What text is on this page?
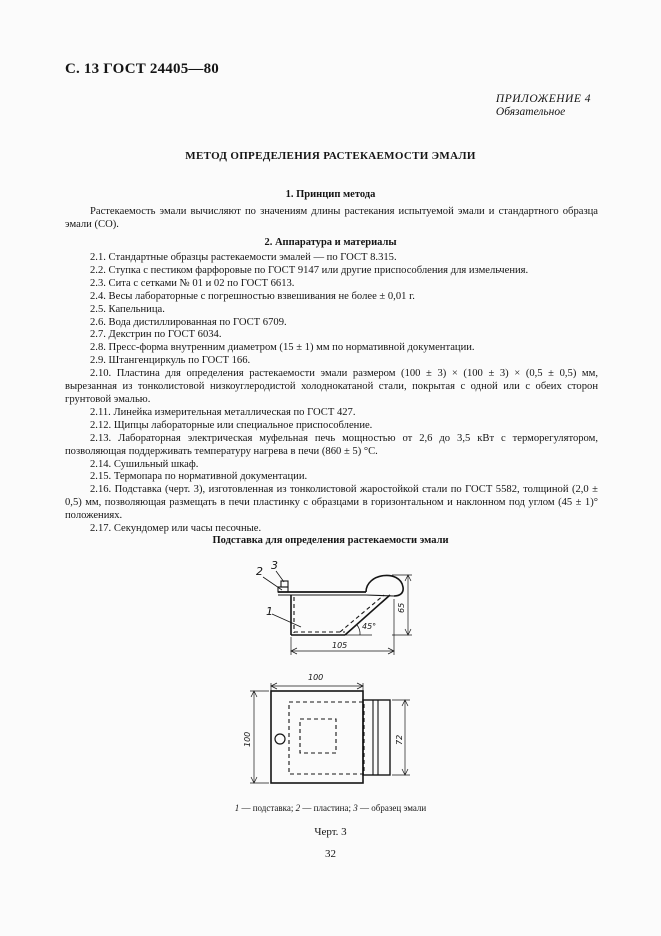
С. 13 ГОСТ 24405—80
ПРИЛОЖЕНИЕ 4
Обязательное
МЕТОД ОПРЕДЕЛЕНИЯ РАСТЕКАЕМОСТИ ЭМАЛИ
1. Принцип метода

Растекаемость эмали вычисляют по значениям длины растекания испытуемой эмали и стандартного образца эмали (СО).

2. Аппаратура и материалы

2.1. Стандартные образцы растекаемости эмалей — по ГОСТ 8.315.

2.2. Ступка с пестиком фарфоровые по ГОСТ 9147 или другие приспособления для измельчения.

2.3. Сита с сетками № 01 и 02 по ГОСТ 6613.

2.4. Весы лабораторные с погрешностью взвешивания не более ± 0,01 г.

2.5. Капельница.

2.6. Вода дистиллированная по ГОСТ 6709.

2.7. Декстрин по ГОСТ 6034.

2.8. Пресс-форма внутренним диаметром (15 ± 1) мм по нормативной документации.

2.9. Штангенциркуль по ГОСТ 166.

2.10. Пластина для определения растекаемости эмали размером (100 ± 3) × (100 ± 3) × (0,5 ± 0,5) мм, вырезанная из тонколистовой низкоуглеродистой холоднокатаной стали, покрытая с одной или с обеих сторон грунтовой эмалью.

2.11. Линейка измерительная металлическая по ГОСТ 427.

2.12. Щипцы лабораторные или специальное приспособление.

2.13. Лабораторная электрическая муфельная печь мощностью от 2,6 до 3,5 кВт с терморегулятором, позволяющая поддерживать температуру нагрева в печи (860 ± 5) °С.

2.14. Сушильный шкаф.

2.15. Термопара по нормативной документации.

2.16. Подставка (черт. 3), изготовленная из тонколистовой жаростойкой стали по ГОСТ 5582, толщиной (2,0 ± 0,5) мм, позволяющая размещать в печи пластинку с образцами в горизонтальном и наклонном под углом (45 ± 1)° положениях.

2.17. Секундомер или часы песочные.

Подставка для определения растекаемости эмали
2 3
1
45°
65
105
100
100	72
1 — подставка; 2 — пластина; 3 — образец эмали
Черт. 3
32
